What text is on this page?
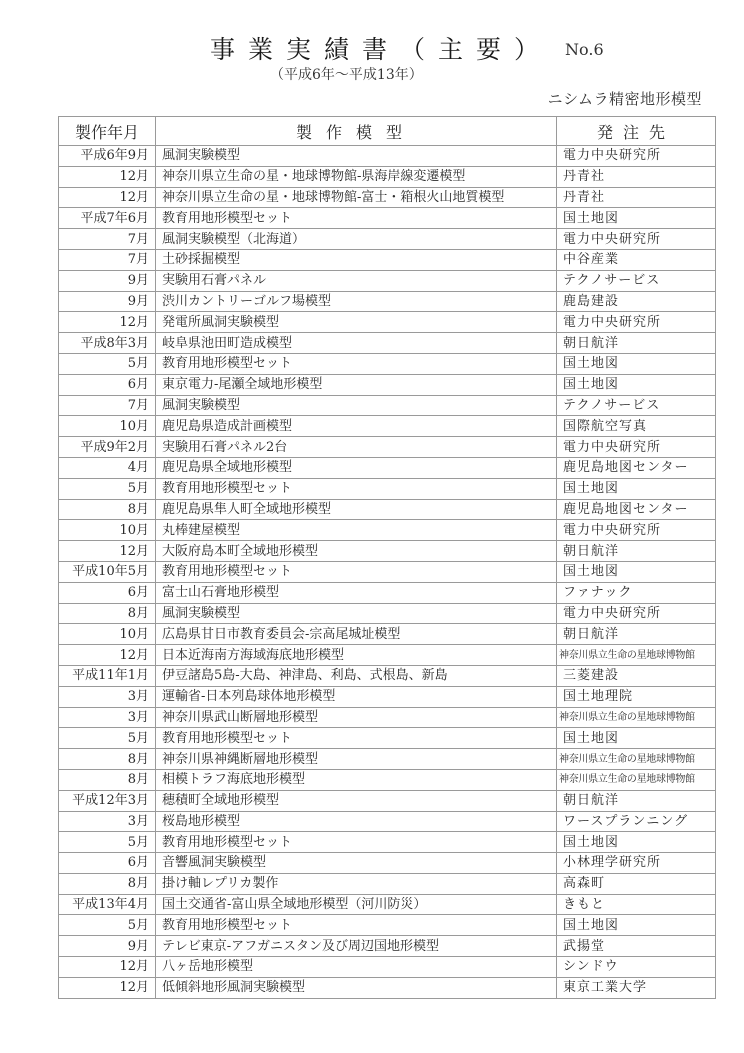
事業実績書（主要） No.6
（平成6年～平成13年）
ニシムラ精密地形模型
製作年月	製作模型	発注先
平成6年9月	風洞実験模型	電力中央研究所
12月	神奈川県立生命の星・地球博物館-県海岸線変遷模型	丹青社
12月	神奈川県立生命の星・地球博物館-富士・箱根火山地質模型	丹青社
平成7年6月	教育用地形模型セット	国土地図
7月	風洞実験模型（北海道）	電力中央研究所
7月	土砂採掘模型	中谷産業
9月	実験用石膏パネル	テクノサービス
9月	渋川カントリーゴルフ場模型	鹿島建設
12月	発電所風洞実験模型	電力中央研究所
平成8年3月	岐阜県池田町造成模型	朝日航洋
5月	教育用地形模型セット	国土地図
6月	東京電力-尾瀬全域地形模型	国土地図
7月	風洞実験模型	テクノサービス
10月	鹿児島県造成計画模型	国際航空写真
平成9年2月	実験用石膏パネル2台	電力中央研究所
4月	鹿児島県全域地形模型	鹿児島地図センター
5月	教育用地形模型セット	国土地図
8月	鹿児島県隼人町全域地形模型	鹿児島地図センター
10月	丸棒建屋模型	電力中央研究所
12月	大阪府島本町全域地形模型	朝日航洋
平成10年5月	教育用地形模型セット	国土地図
6月	富士山石膏地形模型	ファナック
8月	風洞実験模型	電力中央研究所
10月	広島県甘日市教育委員会-宗高尾城址模型	朝日航洋
12月	日本近海南方海域海底地形模型	神奈川県立生命の星地球博物館
平成11年1月	伊豆諸島5島-大島、神津島、利島、式根島、新島	三菱建設
3月	運輸省-日本列島球体地形模型	国土地理院
3月	神奈川県武山断層地形模型	神奈川県立生命の星地球博物館
5月	教育用地形模型セット	国土地図
8月	神奈川県神縄断層地形模型	神奈川県立生命の星地球博物館
8月	相模トラフ海底地形模型	神奈川県立生命の星地球博物館
平成12年3月	穂積町全域地形模型	朝日航洋
3月	桜島地形模型	ワースプランニング
5月	教育用地形模型セット	国土地図
6月	音響風洞実験模型	小林理学研究所
8月	掛け軸レプリカ製作	高森町
平成13年4月	国土交通省-富山県全域地形模型（河川防災）	きもと
5月	教育用地形模型セット	国土地図
9月	テレビ東京-アフガニスタン及び周辺国地形模型	武揚堂
12月	八ヶ岳地形模型	シンドウ
12月	低傾斜地形風洞実験模型	東京工業大学
